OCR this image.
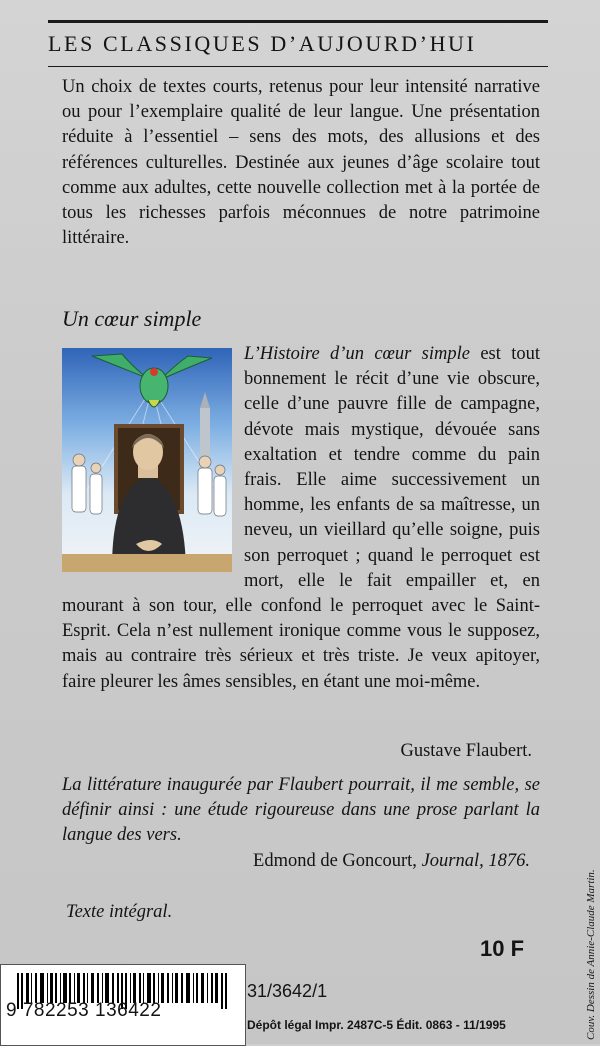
LES CLASSIQUES D’AUJOURD’HUI
Un choix de textes courts, retenus pour leur intensité narrative ou pour l’exemplaire qualité de leur langue. Une présentation réduite à l’essentiel – sens des mots, des allusions et des références culturelles. Destinée aux jeunes d’âge scolaire tout comme aux adultes, cette nouvelle collection met à la portée de tous les richesses parfois méconnues de notre patrimoine littéraire.
Un cœur simple

L’Histoire d’un cœur simple est tout bonnement le récit d’une vie obscure, celle d’une pauvre fille de campagne, dévote mais mystique, dévouée sans exaltation et tendre comme du pain frais. Elle aime successivement un homme, les enfants de sa maîtresse, un neveu, un vieillard qu’elle soigne, puis son perroquet ; quand le perroquet est mort, elle le fait empailler et, en mourant à son tour, elle confond le perroquet avec le Saint-Esprit. Cela n’est nullement ironique comme vous le supposez, mais au contraire très sérieux et très triste. Je veux apitoyer, faire pleurer les âmes sensibles, en étant une moi-même.

Gustave Flaubert.
La littérature inaugurée par Flaubert pourrait, il me semble, se définir ainsi : une étude rigoureuse dans une prose parlant la langue des vers.
Edmond de Goncourt, Journal, 1876.
Texte intégral.	Couv. Dessin de Annie-Claude Martin.
10 F
9 782253 136422
31/3642/1
Dépôt légal Impr. 2487C-5 Édit. 0863 - 11/1995
